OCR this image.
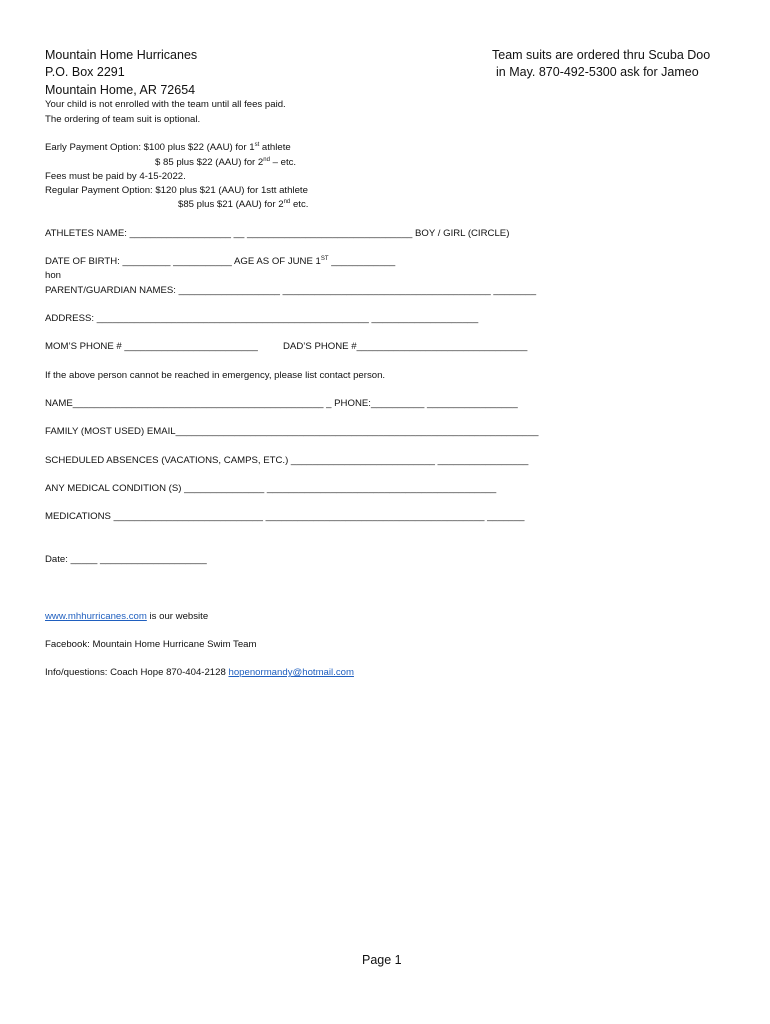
Mountain Home Hurricanes
P.O. Box 2291
Mountain Home, AR 72654
Team suits are ordered thru Scuba Doo
in May. 870-492-5300 ask for Jameo
Your child is not enrolled with the team until all fees paid.
The ordering of team suit is optional.
Early Payment Option: $100 plus $22 (AAU) for 1st athlete
$ 85 plus $22 (AAU) for 2nd – etc.
Fees must be paid by 4-15-2022.
Regular Payment Option: $120 plus $21 (AAU) for 1stt athlete
$85 plus $21 (AAU) for 2nd etc.
ATHLETES NAME: ___________________ __ _______________________________ BOY / GIRL (CIRCLE)
DATE OF BIRTH: _________ ___________ AGE AS OF JUNE 1ST ____________
hon
PARENT/GUARDIAN NAMES: ___________________ _______________________________________ ________
ADDRESS: ___________________________________________________ ____________________
MOM’S PHONE # _________________________	DAD’S PHONE #________________________________
If the above person cannot be reached in emergency, please list contact person.
NAME_______________________________________________ _ PHONE:__________ _________________
FAMILY (MOST USED) EMAIL____________________________________________________________________
SCHEDULED ABSENCES (VACATIONS, CAMPS, ETC.) ___________________________ _________________
ANY MEDICAL CONDITION (S) _______________ ___________________________________________
MEDICATIONS ____________________________ _________________________________________ _______
Date: _____ ____________________
www.mhhurricanes.com is our website
Facebook: Mountain Home Hurricane Swim Team
Info/questions: Coach Hope 870-404-2128 hopenormandy@hotmail.com
Page 1
